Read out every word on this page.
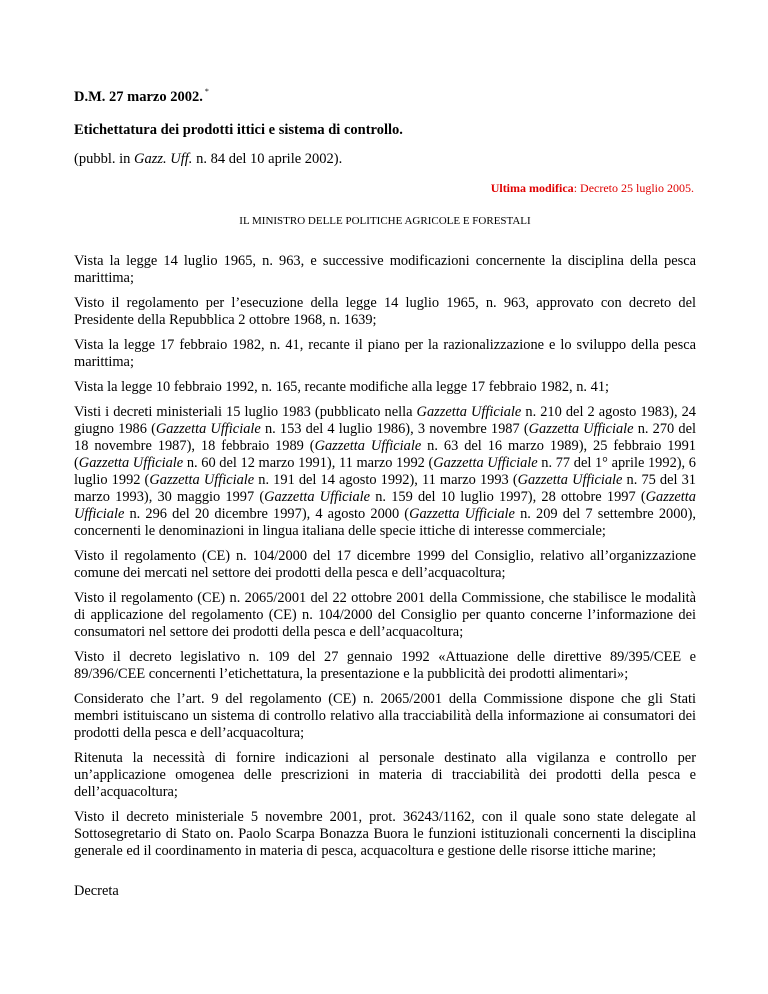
D.M. 27 marzo 2002. *
Etichettatura dei prodotti ittici e sistema di controllo.
(pubbl. in Gazz. Uff. n. 84 del 10 aprile 2002).
Ultima modifica: Decreto 25 luglio 2005.
IL MINISTRO DELLE POLITICHE AGRICOLE E FORESTALI

Vista la legge 14 luglio 1965, n. 963, e successive modificazioni concernente la disciplina della pesca marittima;

Visto il regolamento per l’esecuzione della legge 14 luglio 1965, n. 963, approvato con decreto del Presidente della Repubblica 2 ottobre 1968, n. 1639;

Vista la legge 17 febbraio 1982, n. 41, recante il piano per la razionalizzazione e lo sviluppo della pesca marittima;

Vista la legge 10 febbraio 1992, n. 165, recante modifiche alla legge 17 febbraio 1982, n. 41;

Visti i decreti ministeriali 15 luglio 1983 (pubblicato nella Gazzetta Ufficiale n. 210 del 2 agosto 1983), 24 giugno 1986 (Gazzetta Ufficiale n. 153 del 4 luglio 1986), 3 novembre 1987 (Gazzetta Ufficiale n. 270 del 18 novembre 1987), 18 febbraio 1989 (Gazzetta Ufficiale n. 63 del 16 marzo 1989), 25 febbraio 1991 (Gazzetta Ufficiale n. 60 del 12 marzo 1991), 11 marzo 1992 (Gazzetta Ufficiale n. 77 del 1° aprile 1992), 6 luglio 1992 (Gazzetta Ufficiale n. 191 del 14 agosto 1992), 11 marzo 1993 (Gazzetta Ufficiale n. 75 del 31 marzo 1993), 30 maggio 1997 (Gazzetta Ufficiale n. 159 del 10 luglio 1997), 28 ottobre 1997 (Gazzetta Ufficiale n. 296 del 20 dicembre 1997), 4 agosto 2000 (Gazzetta Ufficiale n. 209 del 7 settembre 2000), concernenti le denominazioni in lingua italiana delle specie ittiche di interesse commerciale;

Visto il regolamento (CE) n. 104/2000 del 17 dicembre 1999 del Consiglio, relativo all’organizzazione comune dei mercati nel settore dei prodotti della pesca e dell’acquacoltura;

Visto il regolamento (CE) n. 2065/2001 del 22 ottobre 2001 della Commissione, che stabilisce le modalità di applicazione del regolamento (CE) n. 104/2000 del Consiglio per quanto concerne l’informazione dei consumatori nel settore dei prodotti della pesca e dell’acquacoltura;

Visto il decreto legislativo n. 109 del 27 gennaio 1992 «Attuazione delle direttive 89/395/CEE e 89/396/CEE concernenti l’etichettatura, la presentazione e la pubblicità dei prodotti alimentari»;

Considerato che l’art. 9 del regolamento (CE) n. 2065/2001 della Commissione dispone che gli Stati membri istituiscano un sistema di controllo relativo alla tracciabilità della informazione ai consumatori dei prodotti della pesca e dell’acquacoltura;

Ritenuta la necessità di fornire indicazioni al personale destinato alla vigilanza e controllo per un’applicazione omogenea delle prescrizioni in materia di tracciabilità dei prodotti della pesca e dell’acquacoltura;

Visto il decreto ministeriale 5 novembre 2001, prot. 36243/1162, con il quale sono state delegate al Sottosegretario di Stato on. Paolo Scarpa Bonazza Buora le funzioni istituzionali concernenti la disciplina generale ed il coordinamento in materia di pesca, acquacoltura e gestione delle risorse ittiche marine;

Decreta
